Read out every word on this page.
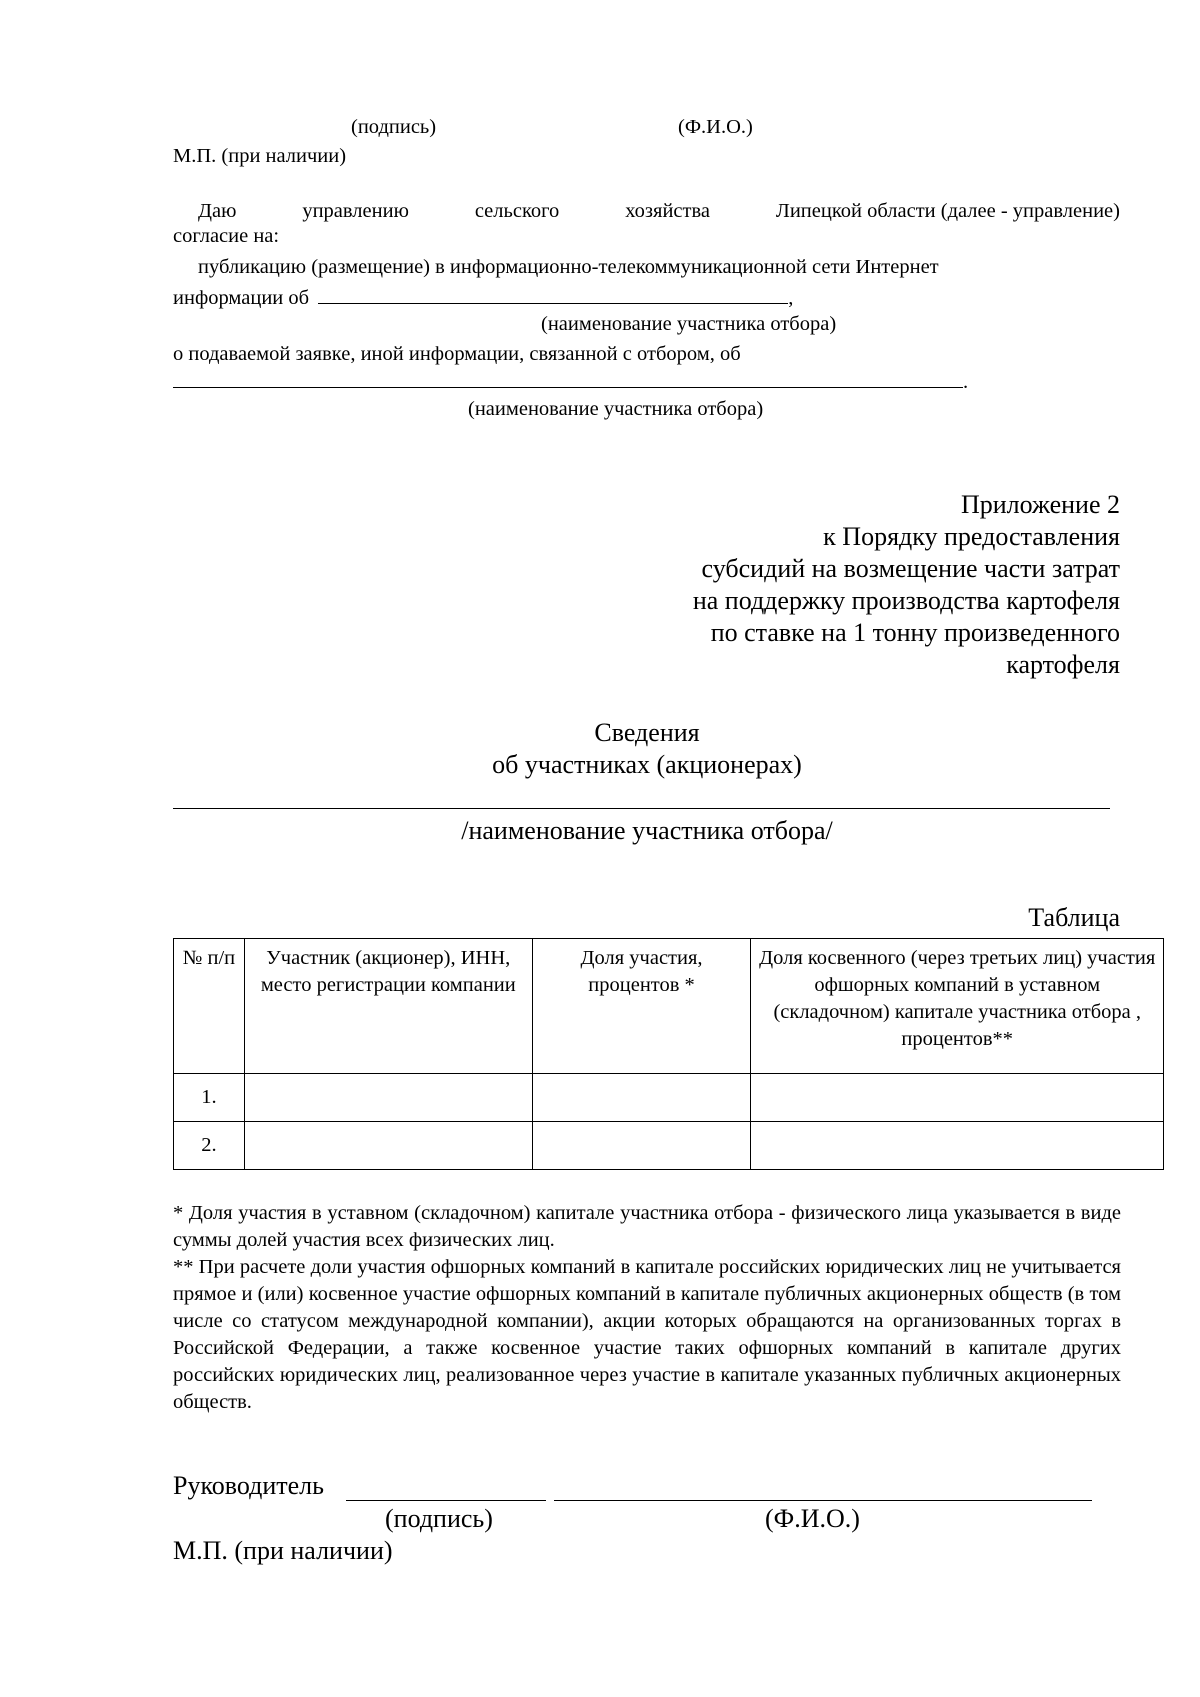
(подпись)	(Ф.И.О.)
М.П. (при наличии)
Даю	управлению	сельского	хозяйства	Липецкой области (далее - управление)
согласие на:
публикацию (размещение) в информационно-телекоммуникационной сети Интернет
информации об	,
(наименование участника отбора)
о подаваемой заявке, иной информации, связанной с отбором, об
.
(наименование участника отбора)
Приложение 2
к Порядку предоставления
субсидий на возмещение части затрат
на поддержку производства картофеля
по ставке на 1 тонну произведенного
картофеля
Сведения
об участниках (акционерах)
/наименование участника отбора/
Таблица
№ п/п	Участник (акционер), ИНН, место регистрации компании	Доля участия, процентов *	Доля косвенного (через третьих лиц) участия офшорных компаний в уставном (складочном) капитале участника отбора , процентов**
1.			
2.			
* Доля участия в уставном (складочном) капитале участника отбора - физического лица указывается в виде суммы долей участия всех физических лиц.
** При расчете доли участия офшорных компаний в капитале российских юридических лиц не учитывается прямое и (или) косвенное участие офшорных компаний в капитале публичных акционерных обществ (в том числе со статусом международной компании), акции которых обращаются на организованных торгах в Российской Федерации, а также косвенное участие таких офшорных компаний в капитале других российских юридических лиц, реализованное через участие в капитале указанных публичных акционерных обществ.
Руководитель
(подпись)	(Ф.И.О.)
М.П. (при наличии)
